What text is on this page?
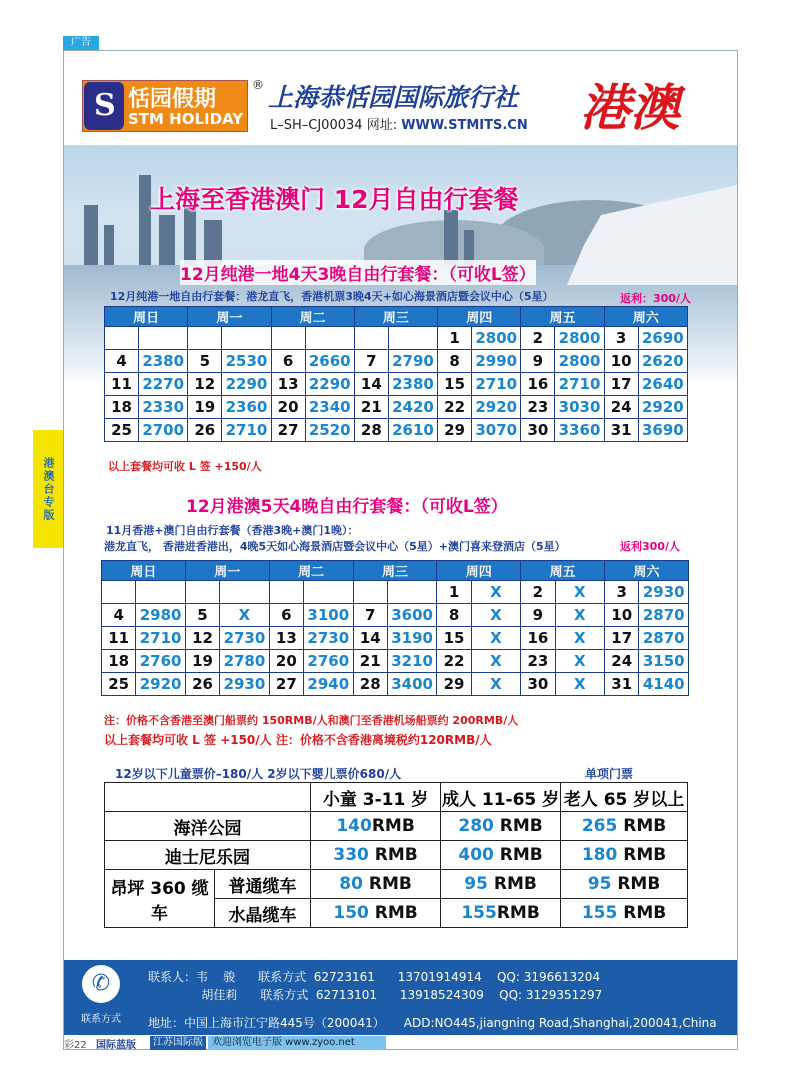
广告
港澳台专版
S 恬园假期
STM HOLIDAY
® 上海恭恬园国际旅行社
L–SH–CJ00034 网址: WWW.STMITS.CN 港澳
上海至香港澳门 12月自由行套餐
12月纯港一地4天3晚自由行套餐：（可收L签）
12月纯港一地自由行套餐：港龙直飞，香港机票3晚4天+如心海景酒店暨会议中心（5星）	返利：300/人
周日		周一		周二		周三		周四		周五		周六	
								1	2800	2	2800	3	2690
4	2380	5	2530	6	2660	7	2790	8	2990	9	2800	10	2620
11	2270	12	2290	13	2290	14	2380	15	2710	16	2710	17	2640
18	2330	19	2360	20	2340	21	2420	22	2920	23	3030	24	2920
25	2700	26	2710	27	2520	28	2610	29	3070	30	3360	31	3690
以上套餐均可收 L 签 +150/人
12月港澳5天4晚自由行套餐：（可收L签）
11月香港+澳门自由行套餐（香港3晚+澳门1晚）：
港龙直飞， 香港进香港出，4晚5天如心海景酒店暨会议中心（5星）+澳门喜来登酒店（5星）	返利300/人
周日		周一		周二		周三		周四		周五		周六	
								1	X	2	X	3	2930
4	2980	5	X	6	3100	7	3600	8	X	9	X	10	2870
11	2710	12	2730	13	2730	14	3190	15	X	16	X	17	2870
18	2760	19	2780	20	2760	21	3210	22	X	23	X	24	3150
25	2920	26	2930	27	2940	28	3400	29	X	30	X	31	4140
注：价格不含香港至澳门船票约 150RMB/人和澳门至香港机场船票约 200RMB/人
以上套餐均可收 L 签 +150/人 注：价格不含香港离境税约120RMB/人
12岁以下儿童票价–180/人 2岁以下婴儿票价680/人	单项门票
		小童 3-11 岁	成人 11-65 岁	老人 65 岁以上
海洋公园		140RMB	280 RMB	265 RMB
迪士尼乐园		330 RMB	400 RMB	180 RMB
昂坪 360 缆车	普通缆车	80 RMB	95 RMB	95 RMB
	水晶缆车	150 RMB	155RMB	155 RMB
✆
联系方式
联系人：韦    骏      联系方式  62723161      13701914914    QQ: 3196613204
胡佳莉      联系方式  62713101      13918524309    QQ: 3129351297
地址：中国上海市江宁路445号（200041）     ADD:NO445,jiangning Road,Shanghai,200041,China
彩22 国际蓝版	江苏国际版 欢迎浏览电子版 www.zyoo.net
